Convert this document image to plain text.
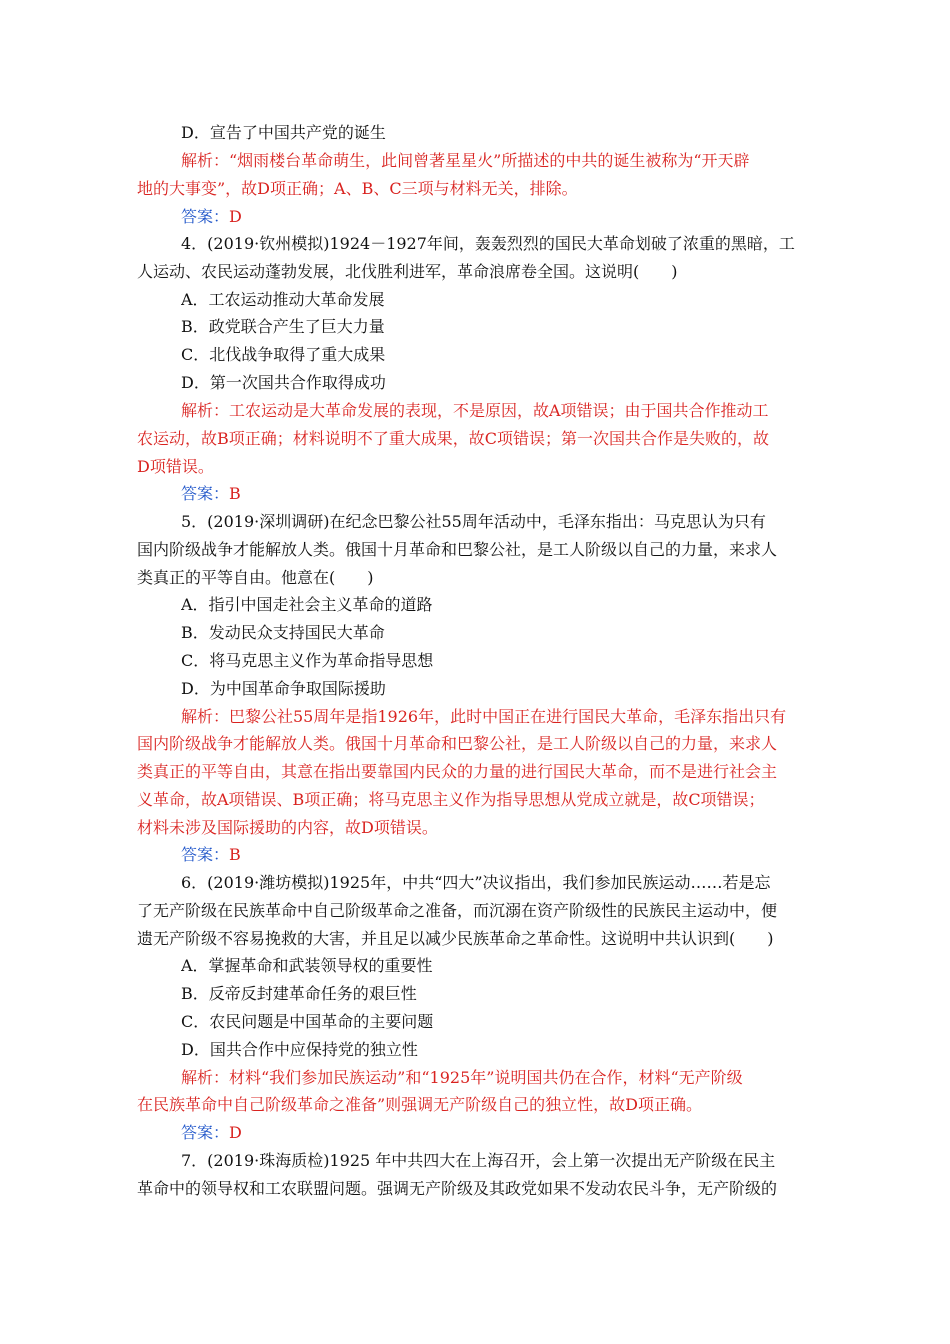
D．宣告了中国共产党的诞生
解析：“烟雨楼台革命萌生，此间曾著星星火”所描述的中共的诞生被称为“开天辟
地的大事变”，故D项正确；A、B、C三项与材料无关，排除。
答案：D
4．(2019·钦州模拟)1924－1927年间，轰轰烈烈的国民大革命划破了浓重的黑暗，工
人运动、农民运动蓬勃发展，北伐胜利进军，革命浪席卷全国。这说明(　　)
A．工农运动推动大革命发展
B．政党联合产生了巨大力量
C．北伐战争取得了重大成果
D．第一次国共合作取得成功
解析：工农运动是大革命发展的表现，不是原因，故A项错误；由于国共合作推动工
农运动，故B项正确；材料说明不了重大成果，故C项错误；第一次国共合作是失败的，故
D项错误。
答案：B
5．(2019·深圳调研)在纪念巴黎公社55周年活动中，毛泽东指出：马克思认为只有
国内阶级战争才能解放人类。俄国十月革命和巴黎公社，是工人阶级以自己的力量，来求人
类真正的平等自由。他意在(　　)
A．指引中国走社会主义革命的道路
B．发动民众支持国民大革命
C．将马克思主义作为革命指导思想
D．为中国革命争取国际援助
解析：巴黎公社55周年是指1926年，此时中国正在进行国民大革命，毛泽东指出只有
国内阶级战争才能解放人类。俄国十月革命和巴黎公社，是工人阶级以自己的力量，来求人
类真正的平等自由，其意在指出要靠国内民众的力量的进行国民大革命，而不是进行社会主
义革命，故A项错误、B项正确；将马克思主义作为指导思想从党成立就是，故C项错误；
材料未涉及国际援助的内容，故D项错误。
答案：B
6．(2019·潍坊模拟)1925年，中共“四大”决议指出，我们参加民族运动……若是忘
了无产阶级在民族革命中自己阶级革命之准备，而沉溺在资产阶级性的民族民主运动中，便
遗无产阶级不容易挽救的大害，并且足以减少民族革命之革命性。这说明中共认识到(　　)
A．掌握革命和武装领导权的重要性
B．反帝反封建革命任务的艰巨性
C．农民问题是中国革命的主要问题
D．国共合作中应保持党的独立性
解析：材料“我们参加民族运动”和“1925年”说明国共仍在合作，材料“无产阶级
在民族革命中自己阶级革命之准备”则强调无产阶级自己的独立性，故D项正确。
答案：D
7．(2019·珠海质检)1925 年中共四大在上海召开，会上第一次提出无产阶级在民主
革命中的领导权和工农联盟问题。强调无产阶级及其政党如果不发动农民斗争，无产阶级的
